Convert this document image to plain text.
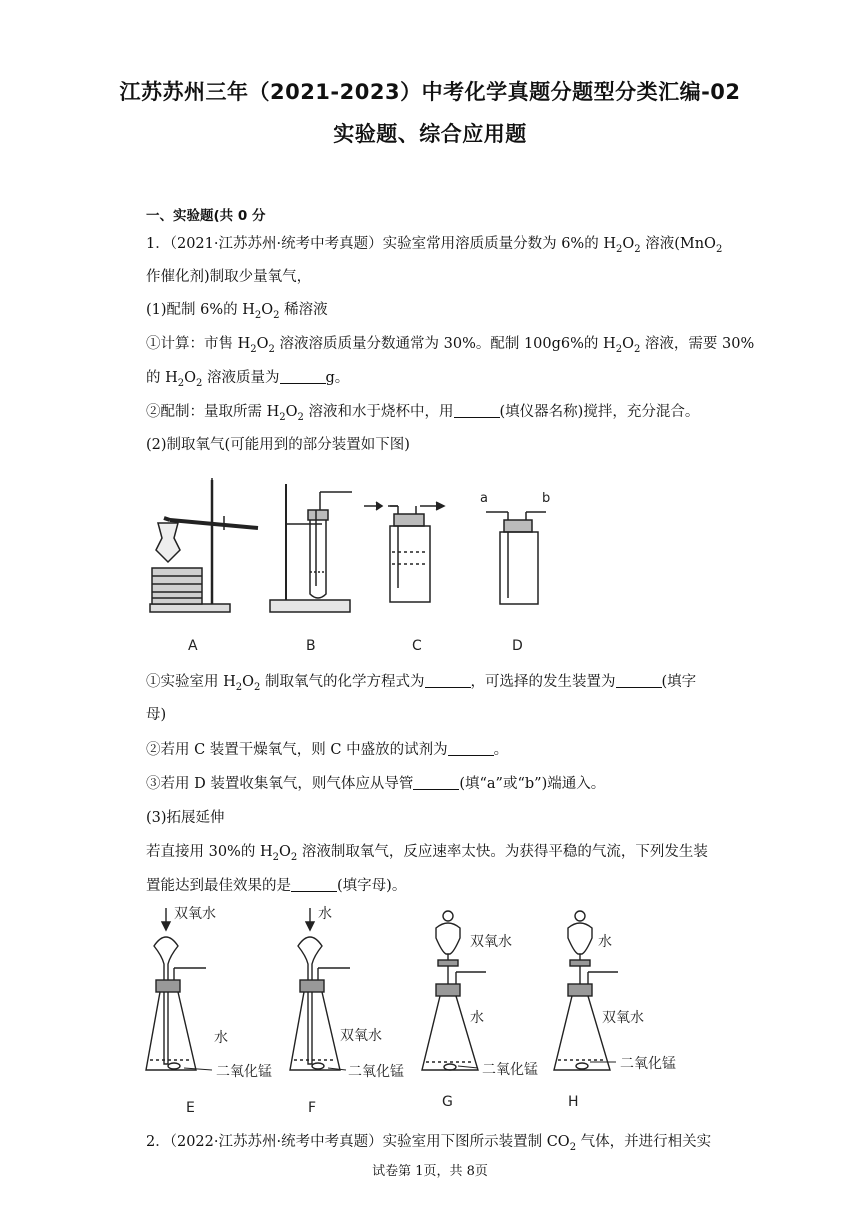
江苏苏州三年（2021-2023）中考化学真题分题型分类汇编-02
实验题、综合应用题
一、实验题(共 0 分
1．（2021·江苏苏州·统考中考真题）实验室常用溶质质量分数为 6%的 $H_2O_2$ 溶液(MnO$_2$
作催化剂)制取少量氧气，
(1)配制 6%的 $H_2O_2$ 稀溶液
①计算：市售 $H_2O_2$ 溶液溶质质量分数通常为 30%。配制 100g6%的 $H_2O_2$ 溶液，需要 30%
的 $H_2O_2$ 溶液质量为	g。
②配制：量取所需 $H_2O_2$ 溶液和水于烧杯中，用	(填仪器名称)搅拌，充分混合。
(2)制取氧气(可能用到的部分装置如下图)
a	b
A	B	C	D
①实验室用 $H_2O_2$ 制取氧气的化学方程式为	，可选择的发生装置为	(填字
母)
②若用 C 装置干燥氧气，则 C 中盛放的试剂为	。
③若用 D 装置收集氧气，则气体应从导管	(填“a”或“b”)端通入。
(3)拓展延伸
若直接用 30%的 $H_2O_2$ 溶液制取氧气，反应速率太快。为获得平稳的气流，下列发生装
置能达到最佳效果的是	(填字母)。
双氧水
水
二氧化锰
水
双氧水
二氧化锰
双氧水
水
二氧化锰
水
双氧水
二氧化锰
E	F	G	H
2．（2022·江苏苏州·统考中考真题）实验室用下图所示装置制 $CO_2$ 气体，并进行相关实
试卷第 1页，共 8页
